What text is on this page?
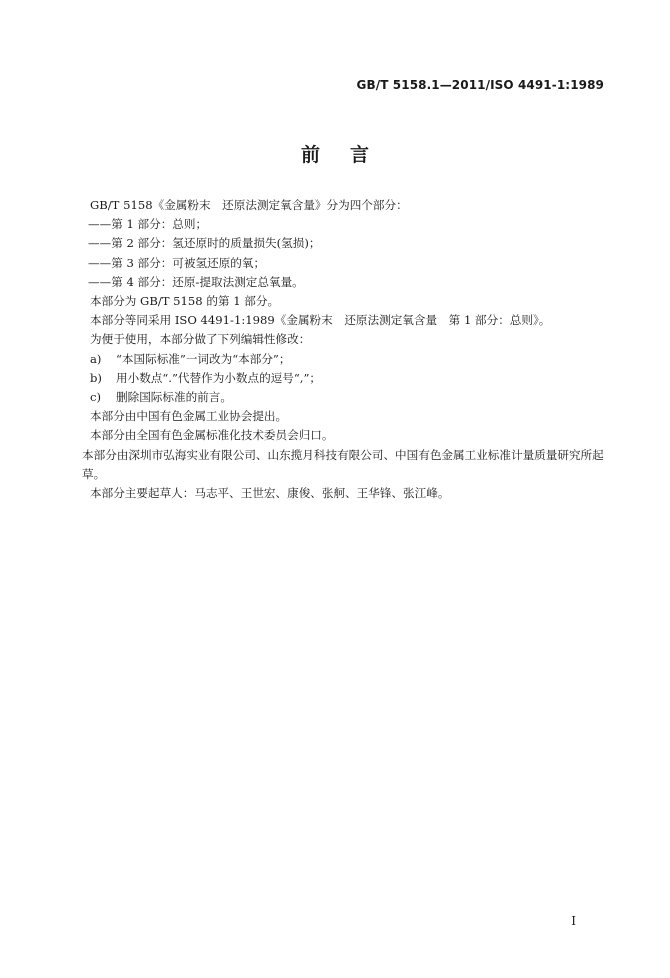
GB/T 5158.1—2011/ISO 4491-1:1989
前言

GB/T 5158《金属粉末　还原法测定氧含量》分为四个部分：

——第 1 部分：总则；

——第 2 部分：氢还原时的质量损失(氢损)；

——第 3 部分：可被氢还原的氧；

——第 4 部分：还原-提取法测定总氧量。

本部分为 GB/T 5158 的第 1 部分。

本部分等同采用 ISO 4491-1:1989《金属粉末　还原法测定氧含量　第 1 部分：总则》。

为便于使用，本部分做了下列编辑性修改：

a) “本国际标准”一词改为“本部分”；

b) 用小数点“.”代替作为小数点的逗号“,”；

c) 删除国际标准的前言。

本部分由中国有色金属工业协会提出。

本部分由全国有色金属标准化技术委员会归口。

本部分由深圳市弘海实业有限公司、山东揽月科技有限公司、中国有色金属工业标准计量质量研究所起草。

本部分主要起草人：马志平、王世宏、康俊、张舸、王华锋、张江峰。

I
